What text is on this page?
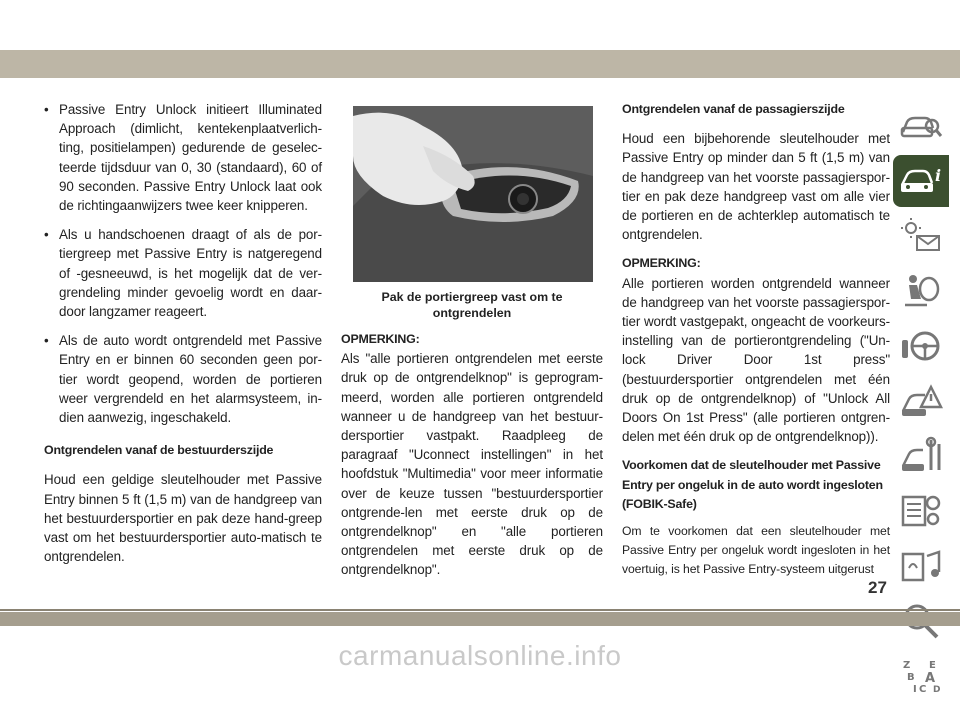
• Passive Entry Unlock initieert Illuminated Approach (dimlicht, kentekenplaatverlich-ting, positielampen) gedurende de geselec-teerde tijdsduur van 0, 30 (standaard), 60 of 90 seconden. Passive Entry Unlock laat ook de richtingaanwijzers twee keer knipperen.
• Als u handschoenen draagt of als de por-tiergreep met Passive Entry is natgeregend of -gesneeuwd, is het mogelijk dat de ver-grendeling minder gevoelig wordt en daar-door langzamer reageert.
• Als de auto wordt ontgrendeld met Passive Entry en er binnen 60 seconden geen por-tier wordt geopend, worden de portieren weer vergrendeld en het alarmsysteem, in-dien aanwezig, ingeschakeld.
Ontgrendelen vanaf de bestuurderszijde
Houd een geldige sleutelhouder met Passive Entry binnen 5 ft (1,5 m) van de handgreep van het bestuurdersportier en pak deze hand-greep vast om het bestuurdersportier auto-matisch te ontgrendelen.
Pak de portiergreep vast om te ontgrendelen
OPMERKING:
Als "alle portieren ontgrendelen met eerste druk op de ontgrendelknop" is geprogram-meerd, worden alle portieren ontgrendeld wanneer u de handgreep van het bestuur-dersportier vastpakt. Raadpleeg de paragraaf "Uconnect instellingen" in het hoofdstuk "Multimedia" voor meer informatie over de keuze tussen "bestuurdersportier ontgrende-len met eerste druk op de ontgrendelknop" en "alle portieren ontgrendelen met eerste druk op de ontgrendelknop".
Ontgrendelen vanaf de passagierszijde
Houd een bijbehorende sleutelhouder met Passive Entry op minder dan 5 ft (1,5 m) van de handgreep van het voorste passagierspor-tier en pak deze handgreep vast om alle vier de portieren en de achterklep automatisch te ontgrendelen.
OPMERKING:
Alle portieren worden ontgrendeld wanneer de handgreep van het voorste passagierspor-tier wordt vastgepakt, ongeacht de voorkeurs-instelling van de portierontgrendeling ("Un-lock Driver Door 1st press" (bestuurdersportier ontgrendelen met één druk op de ontgrendelknop) of "Unlock All Doors On 1st Press" (alle portieren ontgren-delen met één druk op de ontgrendelknop)).
Voorkomen dat de sleutelhouder met Passive Entry per ongeluk in de auto wordt ingesloten (FOBIK-Safe)
Om te voorkomen dat een sleutelhouder met Passive Entry per ongeluk wordt ingesloten in het voertuig, is het Passive Entry-systeem uitgerust
i
Z E
B A
I C D
27
carmanualsonline.info
